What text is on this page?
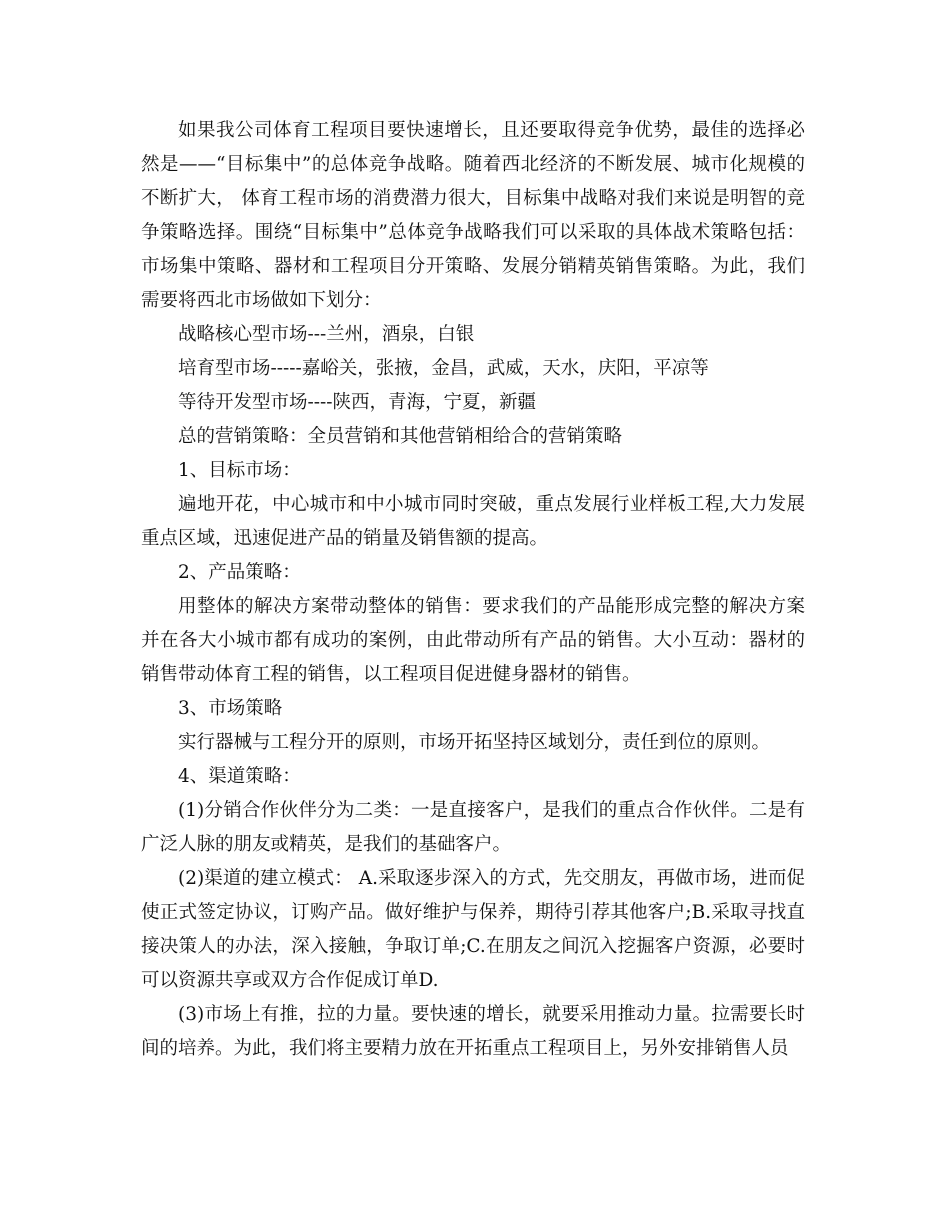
如果我公司体育工程项目要快速增长，且还要取得竞争优势，最佳的选择必然是——“目标集中”的总体竞争战略。随着西北经济的不断发展、城市化规模的不断扩大， 体育工程市场的消费潜力很大，目标集中战略对我们来说是明智的竞争策略选择。围绕“目标集中”总体竞争战略我们可以采取的具体战术策略包括：市场集中策略、器材和工程项目分开策略、发展分销精英销售策略。为此，我们需要将西北市场做如下划分：

战略核心型市场---兰州，酒泉，白银

培育型市场-----嘉峪关，张掖，金昌，武威，天水，庆阳，平凉等

等待开发型市场----陕西，青海，宁夏，新疆

总的营销策略：全员营销和其他营销相给合的营销策略

1、目标市场：

遍地开花，中心城市和中小城市同时突破，重点发展行业样板工程,大力发展重点区域，迅速促进产品的销量及销售额的提高。

2、产品策略：

用整体的解决方案带动整体的销售：要求我们的产品能形成完整的解决方案并在各大小城市都有成功的案例，由此带动所有产品的销售。大小互动：器材的销售带动体育工程的销售，以工程项目促进健身器材的销售。

3、市场策略

实行器械与工程分开的原则，市场开拓坚持区域划分，责任到位的原则。

4、渠道策略：

(1)分销合作伙伴分为二类：一是直接客户，是我们的重点合作伙伴。二是有广泛人脉的朋友或精英，是我们的基础客户。

(2)渠道的建立模式： A.采取逐步深入的方式，先交朋友，再做市场，进而促使正式签定协议，订购产品。做好维护与保养，期待引荐其他客户;B.采取寻找直接决策人的办法，深入接触，争取订单;C.在朋友之间沉入挖掘客户资源，必要时可以资源共享或双方合作促成订单D.

(3)市场上有推，拉的力量。要快速的增长，就要采用推动力量。拉需要长时间的培养。为此，我们将主要精力放在开拓重点工程项目上，另外安排销售人员
